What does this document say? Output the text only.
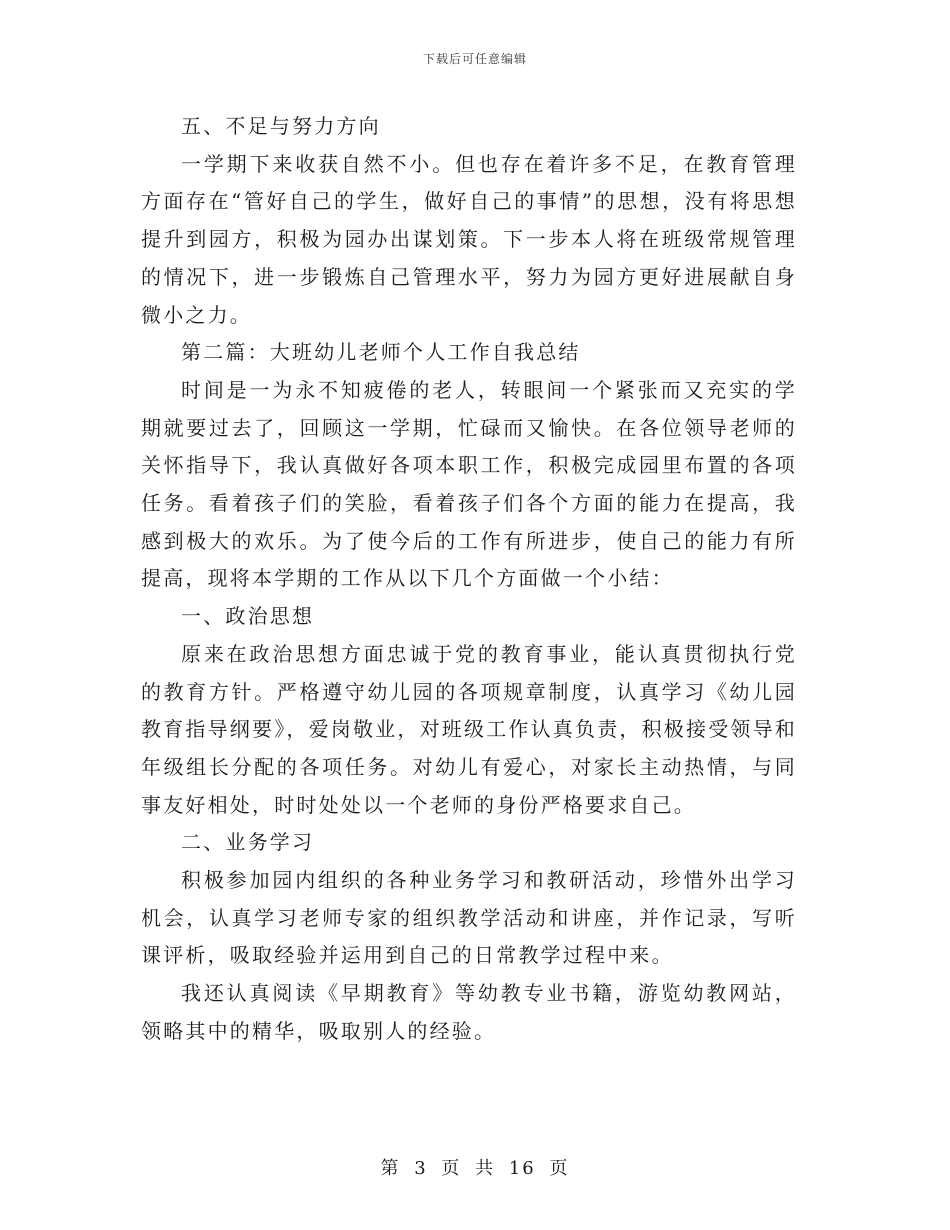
下载后可任意编辑

五、不足与努力方向

一学期下来收获自然不小。但也存在着许多不足，在教育管理方面存在“管好自己的学生，做好自己的事情”的思想，没有将思想提升到园方，积极为园办出谋划策。下一步本人将在班级常规管理的情况下，进一步锻炼自己管理水平，努力为园方更好进展献自身微小之力。

第二篇：大班幼儿老师个人工作自我总结

时间是一为永不知疲倦的老人，转眼间一个紧张而又充实的学期就要过去了，回顾这一学期，忙碌而又愉快。在各位领导老师的关怀指导下，我认真做好各项本职工作，积极完成园里布置的各项任务。看着孩子们的笑脸，看着孩子们各个方面的能力在提高，我感到极大的欢乐。为了使今后的工作有所进步，使自己的能力有所提高，现将本学期的工作从以下几个方面做一个小结：

一、政治思想

原来在政治思想方面忠诚于党的教育事业，能认真贯彻执行党的教育方针。严格遵守幼儿园的各项规章制度，认真学习《幼儿园教育指导纲要》，爱岗敬业，对班级工作认真负责，积极接受领导和年级组长分配的各项任务。对幼儿有爱心，对家长主动热情，与同事友好相处，时时处处以一个老师的身份严格要求自己。

二、业务学习

积极参加园内组织的各种业务学习和教研活动，珍惜外出学习机会，认真学习老师专家的组织教学活动和讲座，并作记录，写听课评析，吸取经验并运用到自己的日常教学过程中来。

我还认真阅读《早期教育》等幼教专业书籍，游览幼教网站，领略其中的精华，吸取别人的经验。

第 3 页 共 16 页
